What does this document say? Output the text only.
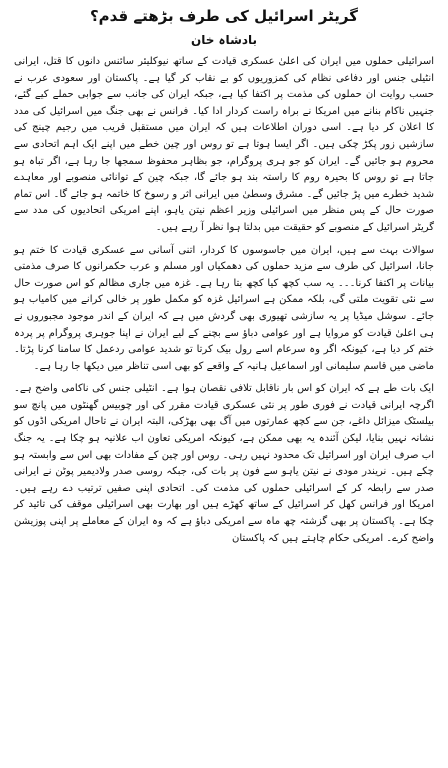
گریٹر اسرائیل کی طرف بڑھتے قدم؟
بادشاہ خان

اسرائیلی حملوں میں ایران کی اعلیٰ عسکری قیادت کے ساتھ نیوکلیئر سائنس دانوں کا قتل، ایرانی انٹیلی جنس اور دفاعی نظام کی کمزوریوں کو بے نقاب کر گیا ہے۔ پاکستان اور سعودی عرب نے حسب روایت ان حملوں کی مذمت پر اکتفا کیا ہے، جبکہ ایران کی جانب سے جوابی حملے کیے گئے، جنہیں ناکام بنانے میں امریکا نے براہ راست کردار ادا کیا۔ فرانس نے بھی جنگ میں اسرائیل کی مدد کا اعلان کر دیا ہے۔ اسی دوران اطلاعات ہیں کہ ایران میں مستقبل قریب میں رجیم چینج کی سازشیں زور پکڑ چکی ہیں۔ اگر ایسا ہوتا ہے تو روس اور چین خطے میں اپنے ایک اہم اتحادی سے محروم ہو جائیں گے۔ ایران کو جو ہری پروگرام، جو بظاہر محفوظ سمجھا جا رہا ہے، اگر تباہ ہو جاتا ہے تو روس کا بحیرہ روم کا راستہ بند ہو جائے گا، جبکہ چین کے توانائی منصوبے اور معاہدے شدید خطرے میں پڑ جائیں گے۔ مشرق وسطیٰ میں ایرانی اثر و رسوخ کا خاتمہ ہو جائے گا۔ اس تمام صورت حال کے پس منظر میں اسرائیلی وزیر اعظم نیتن یاہو، اپنے امریکی اتحادیوں کی مدد سے گریٹر اسرائیل کے منصوبے کو حقیقت میں بدلتا ہوا نظر آ رہے ہیں۔

سوالات بہت سے ہیں، ایران میں جاسوسوں کا کردار، اتنی آسانی سے عسکری قیادت کا ختم ہو جانا، اسرائیل کی طرف سے مزید حملوں کی دھمکیاں اور مسلم و عرب حکمرانوں کا صرف مذمتی بیانات پر اکتفا کرنا۔۔۔ یہ سب کچھ کیا کچھ بتا رہا ہے۔ غزہ میں جاری مظالم کو اس صورت حال سے نئی تقویت ملتی گی، بلکہ ممکن ہے اسرائیل غزہ کو مکمل طور پر خالی کرانے میں کامیاب ہو جائے۔ سوشل میڈیا پر یہ سازشی تھیوری بھی گردش میں ہے کہ ایران کے اندر موجود مجبوروں نے ہی اعلیٰ قیادت کو مروایا ہے اور عوامی دباؤ سے بچنے کے لیے ایران نے اپنا جوہری پروگرام پر پردہ ختم کر دیا ہے، کیونکہ اگر وہ سرعام اسے رول بیک کرتا تو شدید عوامی ردعمل کا سامنا کرنا پڑتا۔ ماضی میں قاسم سلیمانی اور اسماعیل ہانیہ کے واقعے کو بھی اسی تناظر میں دیکھا جا رہا ہے۔

ایک بات طے ہے کہ ایران کو اس بار ناقابل تلافی نقصان ہوا ہے۔ انٹیلی جنس کی ناکامی واضح ہے۔ اگرچہ ایرانی قیادت نے فوری طور پر نئی عسکری قیادت مقرر کی اور چوبیس گھنٹوں میں پانچ سو بیلسٹک میزائل داغے، جن سے کچھ عمارتوں میں آگ بھی بھڑکی، البتہ ایران نے تاحال امریکی اڈوں کو نشانہ نہیں بنایا، لیکن آئندہ یہ بھی ممکن ہے، کیونکہ امریکی تعاون اب علانیہ ہو چکا ہے۔ یہ جنگ اب صرف ایران اور اسرائیل تک محدود نہیں رہی۔ روس اور چین کے مفادات بھی اس سے وابستہ ہو چکے ہیں۔ نریندر مودی نے نیتن یاہو سے فون پر بات کی، جبکہ روسی صدر ولادیمیر پوٹن نے ایرانی صدر سے رابطہ کر کے اسرائیلی حملوں کی مذمت کی۔ اتحادی اپنی صفیں ترتیب دے رہے ہیں۔ امریکا اور فرانس کھل کر اسرائیل کے ساتھ کھڑے ہیں اور بھارت بھی اسرائیلی موقف کی تائید کر چکا ہے۔ پاکستان پر بھی گزشتہ چھ ماہ سے امریکی دباؤ ہے کہ وہ ایران کے معاملے پر اپنی پوزیشن واضح کرے۔ امریکی حکام چاہتے ہیں کہ پاکستان
